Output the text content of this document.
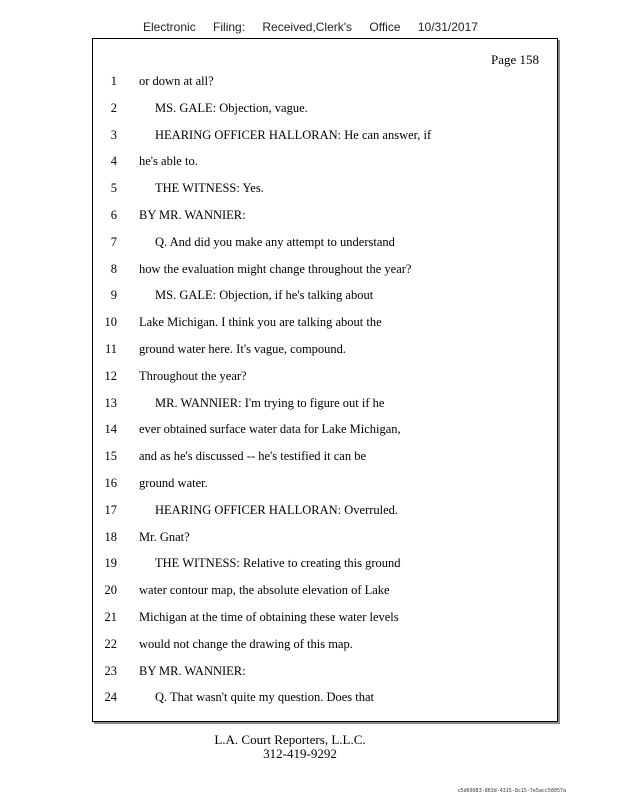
Electronic Filing: Received,Clerk's Office 10/31/2017
Page 158
1 or down at all?
2	MS. GALE: Objection, vague.
3	HEARING OFFICER HALLORAN: He can answer, if
4 he's able to.
5	THE WITNESS: Yes.
6 BY MR. WANNIER:
7	Q. And did you make any attempt to understand
8 how the evaluation might change throughout the year?
9	MS. GALE: Objection, if he's talking about
10 Lake Michigan. I think you are talking about the
11 ground water here. It's vague, compound.
12 Throughout the year?
13	MR. WANNIER: I'm trying to figure out if he
14 ever obtained surface water data for Lake Michigan,
15 and as he's discussed -- he's testified it can be
16 ground water.
17	HEARING OFFICER HALLORAN: Overruled.
18 Mr. Gnat?
19	THE WITNESS: Relative to creating this ground
20 water contour map, the absolute elevation of Lake
21 Michigan at the time of obtaining these water levels
22 would not change the drawing of this map.
23 BY MR. WANNIER:
24	Q. That wasn't quite my question. Does that
L.A. Court Reporters, L.L.C.
312-419-9292
c5d60983-863d-4315-8c15-7e5acc58057a
